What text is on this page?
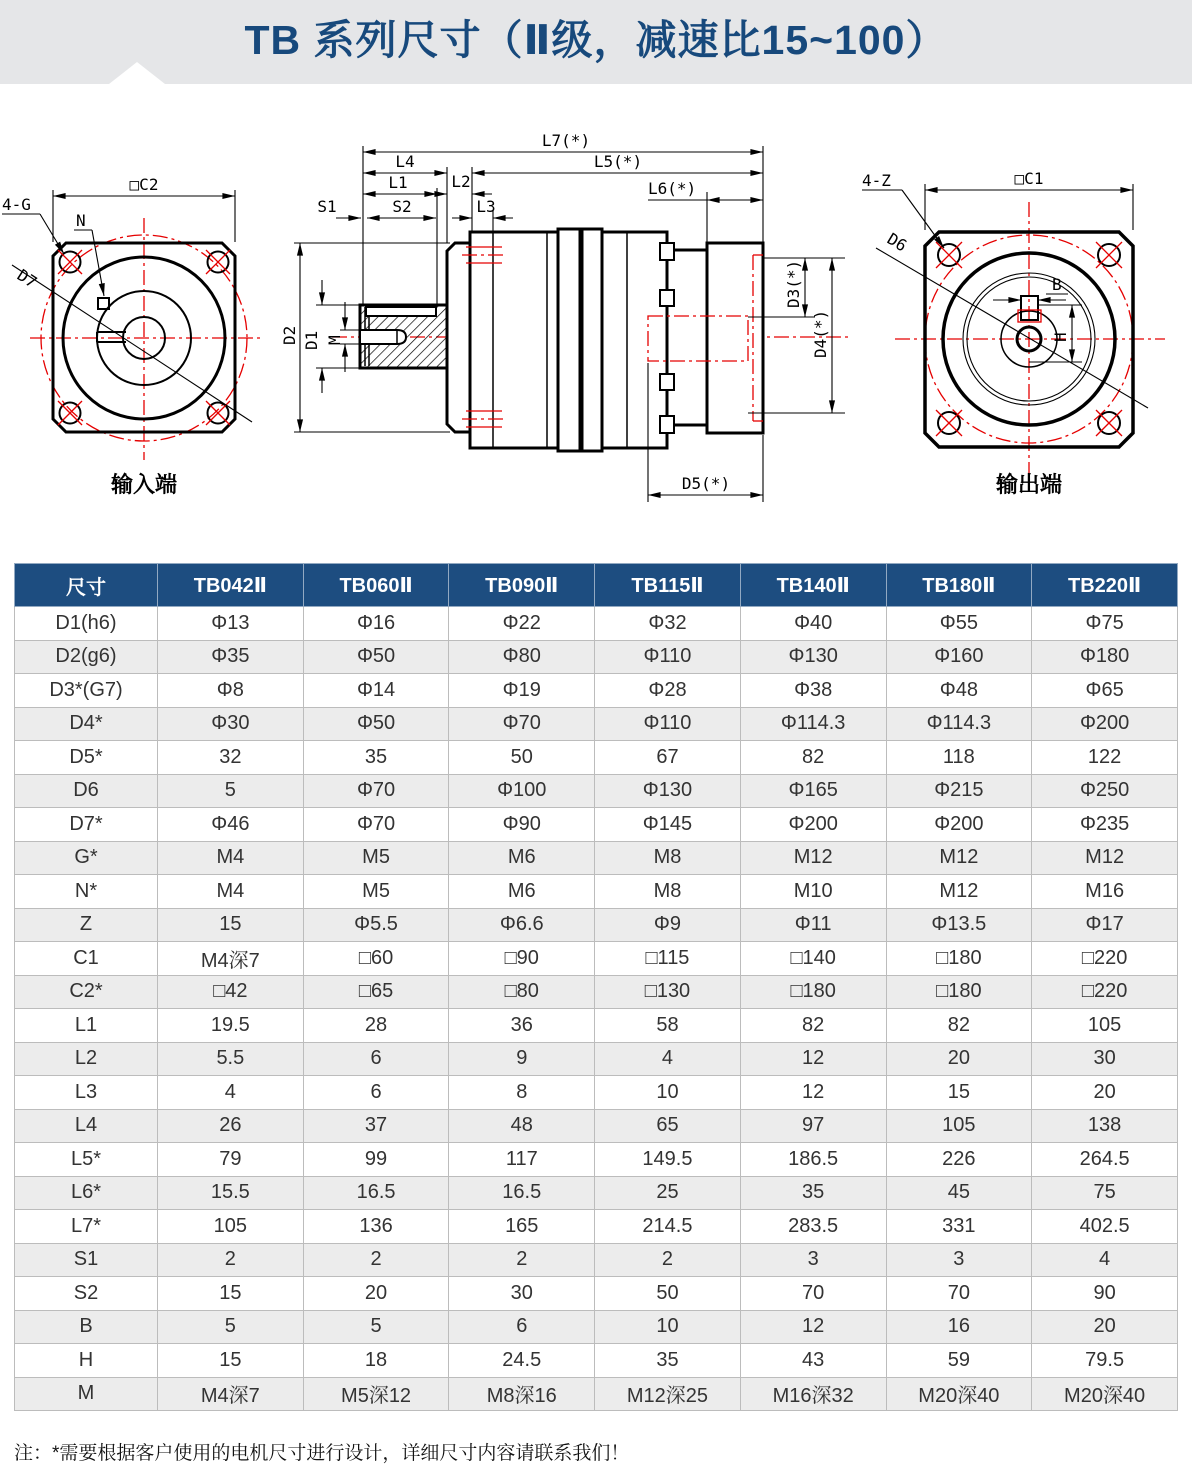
TB 系列尺寸（Ⅱ级，减速比15~100）
□C2
4-G
N
D7
输入端
L7(*)
L4	L5(*)
L1	L2
L3
S1	S2
L6(*)
D2 D1 M
D3(*)
D4(*)
D5(*)
B
H
D6
□C1
4-Z
输出端
尺寸	TB042Ⅱ	TB060Ⅱ	TB090Ⅱ	TB115Ⅱ	TB140Ⅱ	TB180Ⅱ	TB220Ⅱ
D1(h6)	Φ13	Φ16	Φ22	Φ32	Φ40	Φ55	Φ75
D2(g6)	Φ35	Φ50	Φ80	Φ110	Φ130	Φ160	Φ180
D3*(G7)	Φ8	Φ14	Φ19	Φ28	Φ38	Φ48	Φ65
D4*	Φ30	Φ50	Φ70	Φ110	Φ114.3	Φ114.3	Φ200
D5*	32	35	50	67	82	118	122
D6	5	Φ70	Φ100	Φ130	Φ165	Φ215	Φ250
D7*	Φ46	Φ70	Φ90	Φ145	Φ200	Φ200	Φ235
G*	M4	M5	M6	M8	M12	M12	M12
N*	M4	M5	M6	M8	M10	M12	M16
Z	15	Φ5.5	Φ6.6	Φ9	Φ11	Φ13.5	Φ17
C1	M4深7	□60	□90	□115	□140	□180	□220
C2*	□42	□65	□80	□130	□180	□180	□220
L1	19.5	28	36	58	82	82	105
L2	5.5	6	9	4	12	20	30
L3	4	6	8	10	12	15	20
L4	26	37	48	65	97	105	138
L5*	79	99	117	149.5	186.5	226	264.5
L6*	15.5	16.5	16.5	25	35	45	75
L7*	105	136	165	214.5	283.5	331	402.5
S1	2	2	2	2	3	3	4
S2	15	20	30	50	70	70	90
B	5	5	6	10	12	16	20
H	15	18	24.5	35	43	59	79.5
M	M4深7	M5深12	M8深16	M12深25	M16深32	M20深40	M20深40
注：*需要根据客户使用的电机尺寸进行设计，详细尺寸内容请联系我们！
